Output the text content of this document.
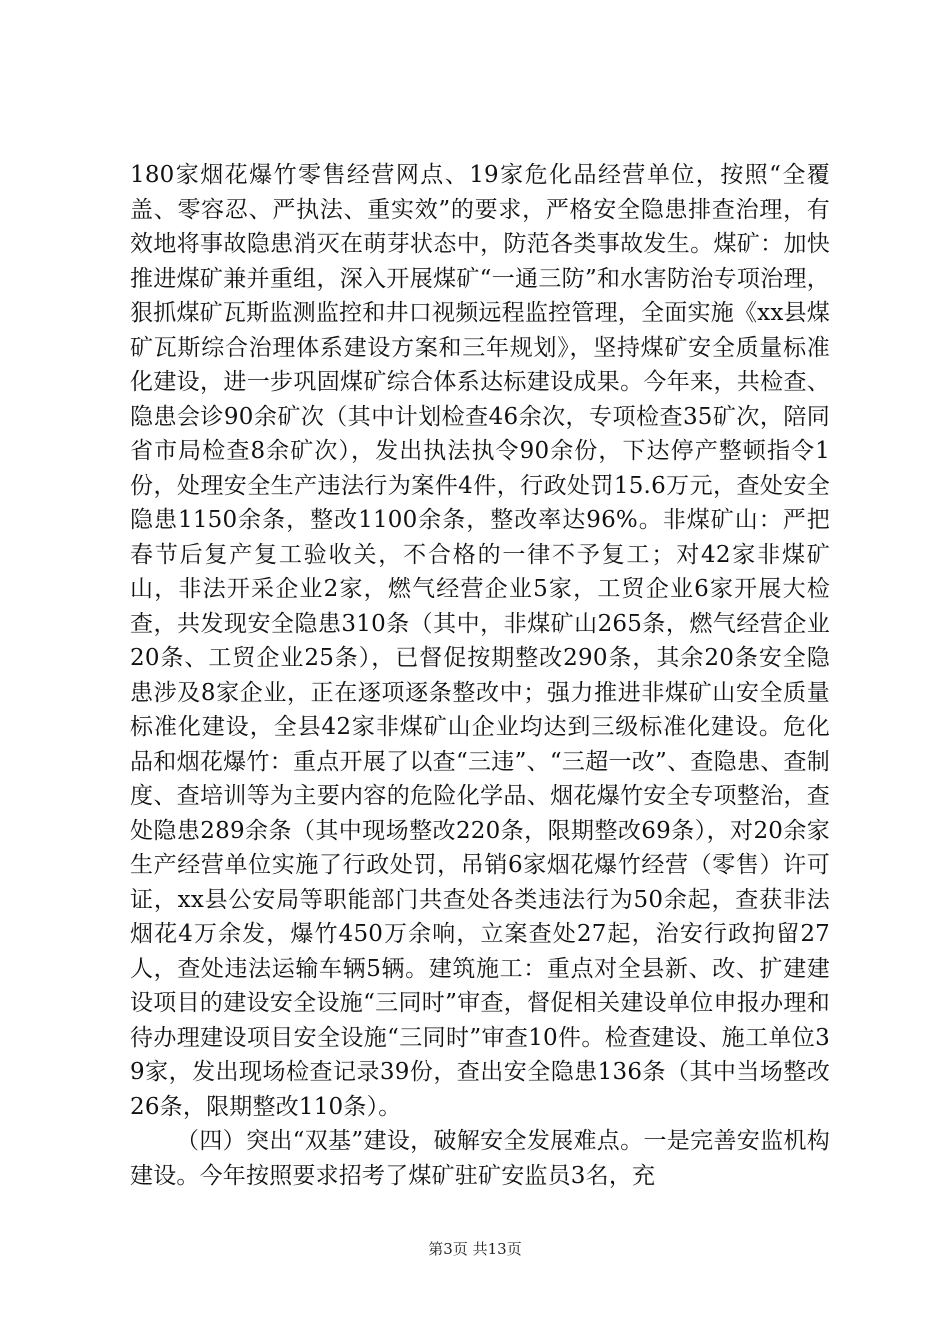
180家烟花爆竹零售经营网点、19家危化品经营单位，按照“全覆盖、零容忍、严执法、重实效”的要求，严格安全隐患排查治理，有效地将事故隐患消灭在萌芽状态中，防范各类事故发生。煤矿：加快推进煤矿兼并重组，深入开展煤矿“一通三防”和水害防治专项治理，狠抓煤矿瓦斯监测监控和井口视频远程监控管理，全面实施《xx县煤矿瓦斯综合治理体系建设方案和三年规划》，坚持煤矿安全质量标准化建设，进一步巩固煤矿综合体系达标建设成果。今年来，共检查、隐患会诊90余矿次（其中计划检查46余次，专项检查35矿次，陪同省市局检查8余矿次），发出执法执令90余份，下达停产整顿指令1份，处理安全生产违法行为案件4件，行政处罚15.6万元，查处安全隐患1150余条，整改1100余条，整改率达96%。非煤矿山：严把春节后复产复工验收关，不合格的一律不予复工；对42家非煤矿山，非法开采企业2家，燃气经营企业5家，工贸企业6家开展大检查，共发现安全隐患310条（其中，非煤矿山265条，燃气经营企业20条、工贸企业25条），已督促按期整改290条，其余20条安全隐患涉及8家企业，正在逐项逐条整改中；强力推进非煤矿山安全质量标准化建设，全县42家非煤矿山企业均达到三级标准化建设。危化品和烟花爆竹：重点开展了以查“三违”、“三超一改”、查隐患、查制度、查培训等为主要内容的危险化学品、烟花爆竹安全专项整治，查处隐患289余条（其中现场整改220条，限期整改69条），对20余家生产经营单位实施了行政处罚，吊销6家烟花爆竹经营（零售）许可证，xx县公安局等职能部门共查处各类违法行为50余起，查获非法烟花4万余发，爆竹450万余响，立案查处27起，治安行政拘留27人，查处违法运输车辆5辆。建筑施工：重点对全县新、改、扩建建设项目的建设安全设施“三同时”审查，督促相关建设单位申报办理和待办理建设项目安全设施“三同时”审查10件。检查建设、施工单位39家，发出现场检查记录39份，查出安全隐患136条（其中当场整改26条，限期整改110条）。

（四）突出“双基”建设，破解安全发展难点。一是完善安监机构建设。今年按照要求招考了煤矿驻矿安监员3名，充

第3页 共13页
